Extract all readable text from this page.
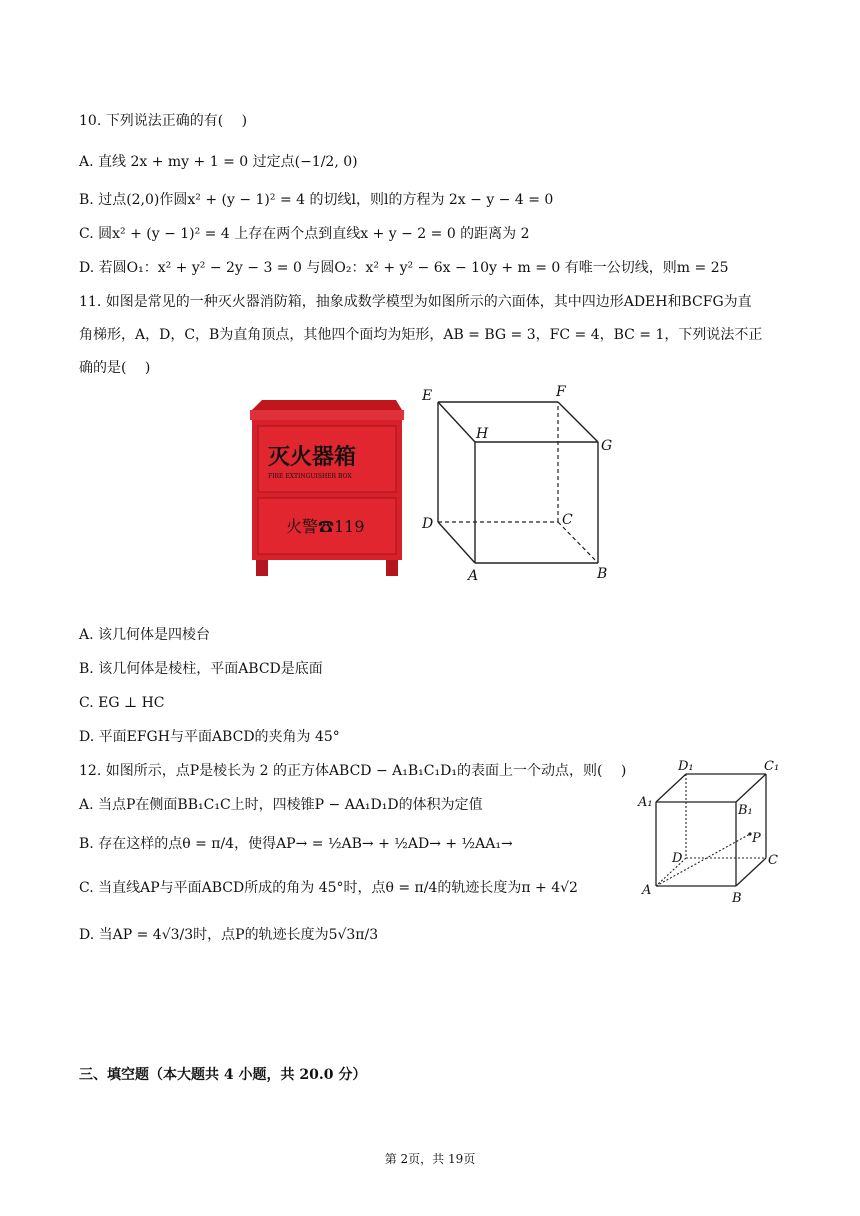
10. 下列说法正确的有(　 )
A. 直线 2x + my + 1 = 0 过定点(−1/2, 0)
B. 过点(2,0)作圆x² + (y − 1)² = 4 的切线l，则l的方程为 2x − y − 4 = 0
C. 圆x² + (y − 1)² = 4 上存在两个点到直线x + y − 2 = 0 的距离为 2
D. 若圆O₁：x² + y² − 2y − 3 = 0 与圆O₂：x² + y² − 6x − 10y + m = 0 有唯一公切线，则m = 25
11. 如图是常见的一种灭火器消防箱，抽象成数学模型为如图所示的六面体，其中四边形ADEH和BCFG为直
角梯形，A，D，C，B为直角顶点，其他四个面均为矩形，AB = BG = 3，FC = 4，BC = 1，下列说法不正
确的是(　 )
灭火器箱
FIRE EXTINGUISHER BOX
火警☎119
E	F
H
G
D	C
A	B
A. 该几何体是四棱台
B. 该几何体是棱柱，平面ABCD是底面
C. EG ⊥ HC
D. 平面EFGH与平面ABCD的夹角为 45°
12. 如图所示，点P是棱长为 2 的正方体ABCD − A₁B₁C₁D₁的表面上一个动点，则(　 )
A. 当点P在侧面BB₁C₁C上时，四棱锥P − AA₁D₁D的体积为定值
B. 存在这样的点θ = π/4，使得AP→ = ½AB→ + ½AD→ + ½AA₁→
C. 当直线AP与平面ABCD所成的角为 45°时，点θ = π/4的轨迹长度为π + 4√2
D. 当AP = 4√3/3时，点P的轨迹长度为5√3π/3
D₁	C₁
A₁
B₁
P
D	C
A
B
三、填空题（本大题共 4 小题，共 20.0 分）
第 2页，共 19页
